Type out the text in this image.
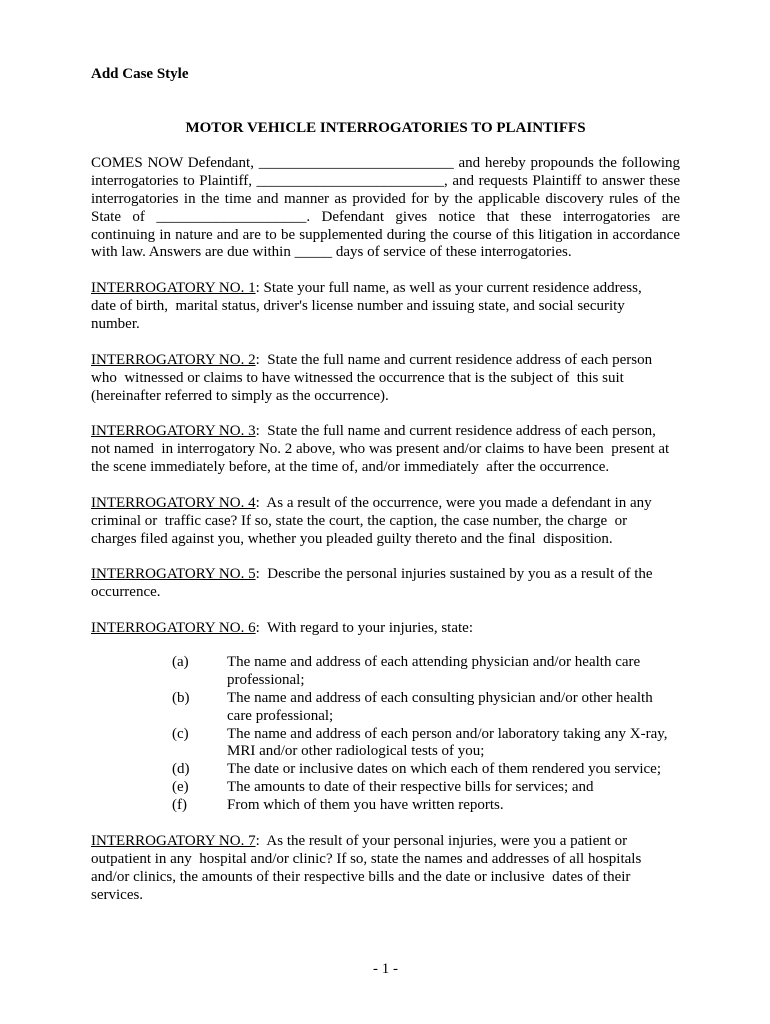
Add Case Style
MOTOR VEHICLE INTERROGATORIES TO PLAINTIFFS
COMES NOW Defendant, __________________________ and hereby propounds the following
interrogatories to Plaintiff, _________________________, and requests Plaintiff to answer these
interrogatories in the time and manner as provided for by the applicable discovery rules of the
State of ____________________. Defendant gives notice that these interrogatories are
continuing in nature and are to be supplemented during the course of this litigation in accordance
with law. Answers are due within _____ days of service of these interrogatories.
INTERROGATORY NO. 1: State your full name, as well as your current residence address,
date of birth,  marital status, driver's license number and issuing state, and social security
number.
INTERROGATORY NO. 2:  State the full name and current residence address of each person
who  witnessed or claims to have witnessed the occurrence that is the subject of  this suit
(hereinafter referred to simply as the occurrence).
INTERROGATORY NO. 3:  State the full name and current residence address of each person,
not named  in interrogatory No. 2 above, who was present and/or claims to have been  present at
the scene immediately before, at the time of, and/or immediately  after the occurrence.
INTERROGATORY NO. 4:  As a result of the occurrence, were you made a defendant in any
criminal or  traffic case? If so, state the court, the caption, the case number, the charge  or
charges filed against you, whether you pleaded guilty thereto and the final  disposition.
INTERROGATORY NO. 5:  Describe the personal injuries sustained by you as a result of the
occurrence.
INTERROGATORY NO. 6:  With regard to your injuries, state:
INTERROGATORY NO. 7:  As the result of your personal injuries, were you a patient or
outpatient in any  hospital and/or clinic? If so, state the names and addresses of all hospitals
and/or clinics, the amounts of their respective bills and the date or inclusive  dates of their
services.
(a)	The name and address of each attending physician and/or health care
professional;
(b)	The name and address of each consulting physician and/or other health
care professional;
(c)	The name and address of each person and/or laboratory taking any X-ray,
MRI and/or other radiological tests of you;
(d)	The date or inclusive dates on which each of them rendered you service;
(e)	The amounts to date of their respective bills for services; and
(f)	From which of them you have written reports.
- 1 -
